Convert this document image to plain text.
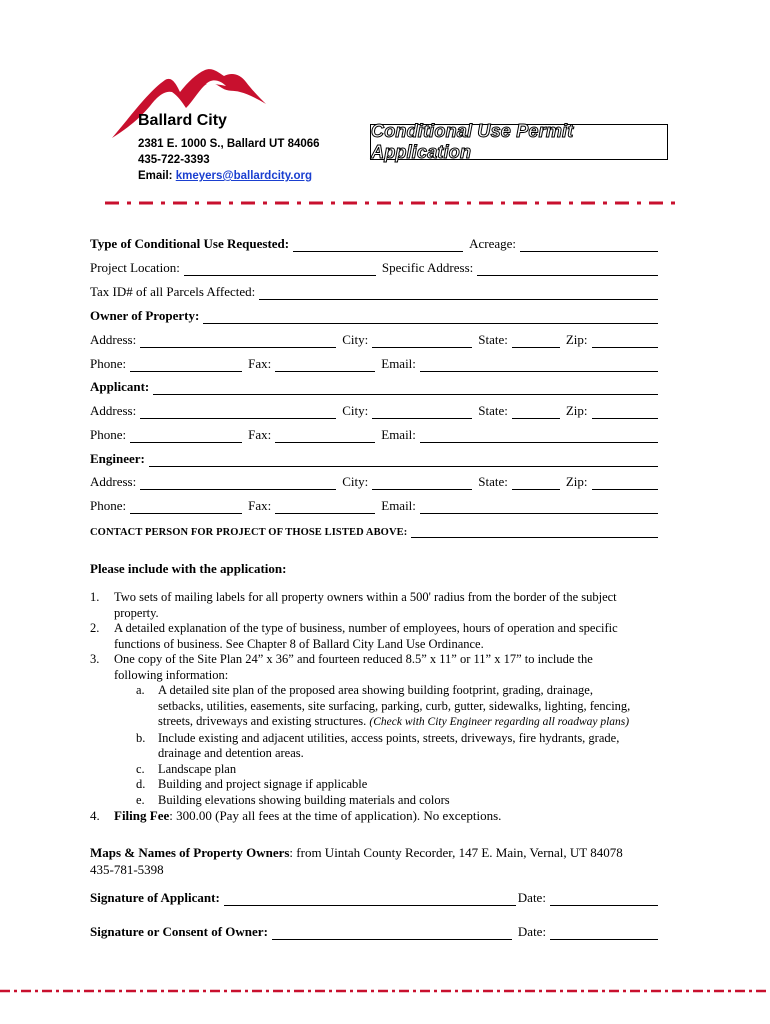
Ballard City
2381 E. 1000 S., Ballard UT 84066
435-722-3393
Email: kmeyers@ballardcity.org
Conditional Use Permit Application
Type of Conditional Use Requested:	Acreage:
Project Location:	Specific Address:
Tax ID# of all Parcels Affected:
Owner of Property:
Address:	City:	State:	Zip:
Phone:	Fax:	Email:
Applicant:
Address:	City:	State:	Zip:
Phone:	Fax:	Email:
Engineer:
Address:	City:	State:	Zip:
Phone:	Fax:	Email:
CONTACT PERSON FOR PROJECT OF THOSE LISTED ABOVE:
Please include with the application:
1.	Two sets of mailing labels for all property owners within a 500' radius from the border of the subject
property.
2.	A detailed explanation of the type of business, number of employees, hours of operation and specific
functions of business. See Chapter 8 of Ballard City Land Use Ordinance.
3.	One copy of the Site Plan 24” x 36” and fourteen reduced 8.5” x 11” or 11” x 17” to include the
following information:
a.	A detailed site plan of the proposed area showing building footprint, grading, drainage,
setbacks, utilities, easements, site surfacing, parking, curb, gutter, sidewalks, lighting, fencing,
streets, driveways and existing structures. (Check with City Engineer regarding all roadway plans)
b.	Include existing and adjacent utilities, access points, streets, driveways, fire hydrants, grade,
drainage and detention areas.
c.	Landscape plan
d.	Building and project signage if applicable
e.	Building elevations showing building materials and colors
4.	Filing Fee: 300.00 (Pay all fees at the time of application). No exceptions.
Maps & Names of Property Owners: from Uintah County Recorder, 147 E. Main, Vernal, UT 84078
435-781-5398
Signature of Applicant:	Date:
Signature or Consent of Owner:	Date:
